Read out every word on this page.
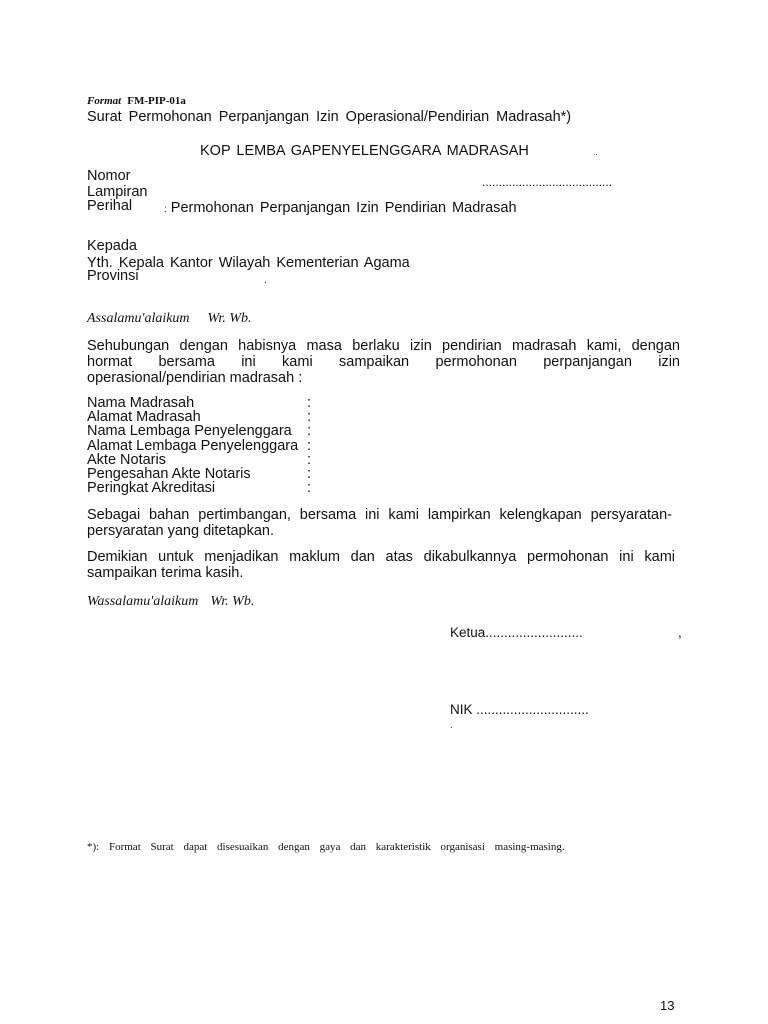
Format FM-PIP-01a
Surat Permohonan Perpanjangan Izin Operasional/Pendirian Madrasah*)
KOP LEMBA GAPENYELENGGARA MADRASAH	..
Nomor	.......................................
Lampiran
Perihal	: Permohonan Perpanjangan Izin Pendirian Madrasah
Kepada
Yth. Kepala Kantor Wilayah Kementerian Agama
Provinsi	.
Assalamu'alaikum Wr. Wb.
Sehubungan dengan habisnya masa berlaku izin pendirian madrasah kami, dengan
hormat bersama ini kami sampaikan permohonan perpanjangan izin
operasional/pendirian madrasah :
Nama Madrasah	:
Alamat Madrasah	:
Nama Lembaga Penyelenggara	:
Alamat Lembaga Penyelenggara :
Akte Notaris	:
Pengesahan Akte Notaris	:
Peringkat Akreditasi	:
Sebagai bahan pertimbangan, bersama ini kami lampirkan kelengkapan persyaratan-
persyaratan yang ditetapkan.
Demikian untuk menjadikan maklum dan atas dikabulkannya permohonan ini kami
sampaikan terima kasih.
Wassalamu'alaikum Wr. Wb.
Ketua..........................	,
NIK ..............................
.
*): Format Surat dapat disesuaikan dengan gaya dan karakteristik organisasi masing-masing.
13
